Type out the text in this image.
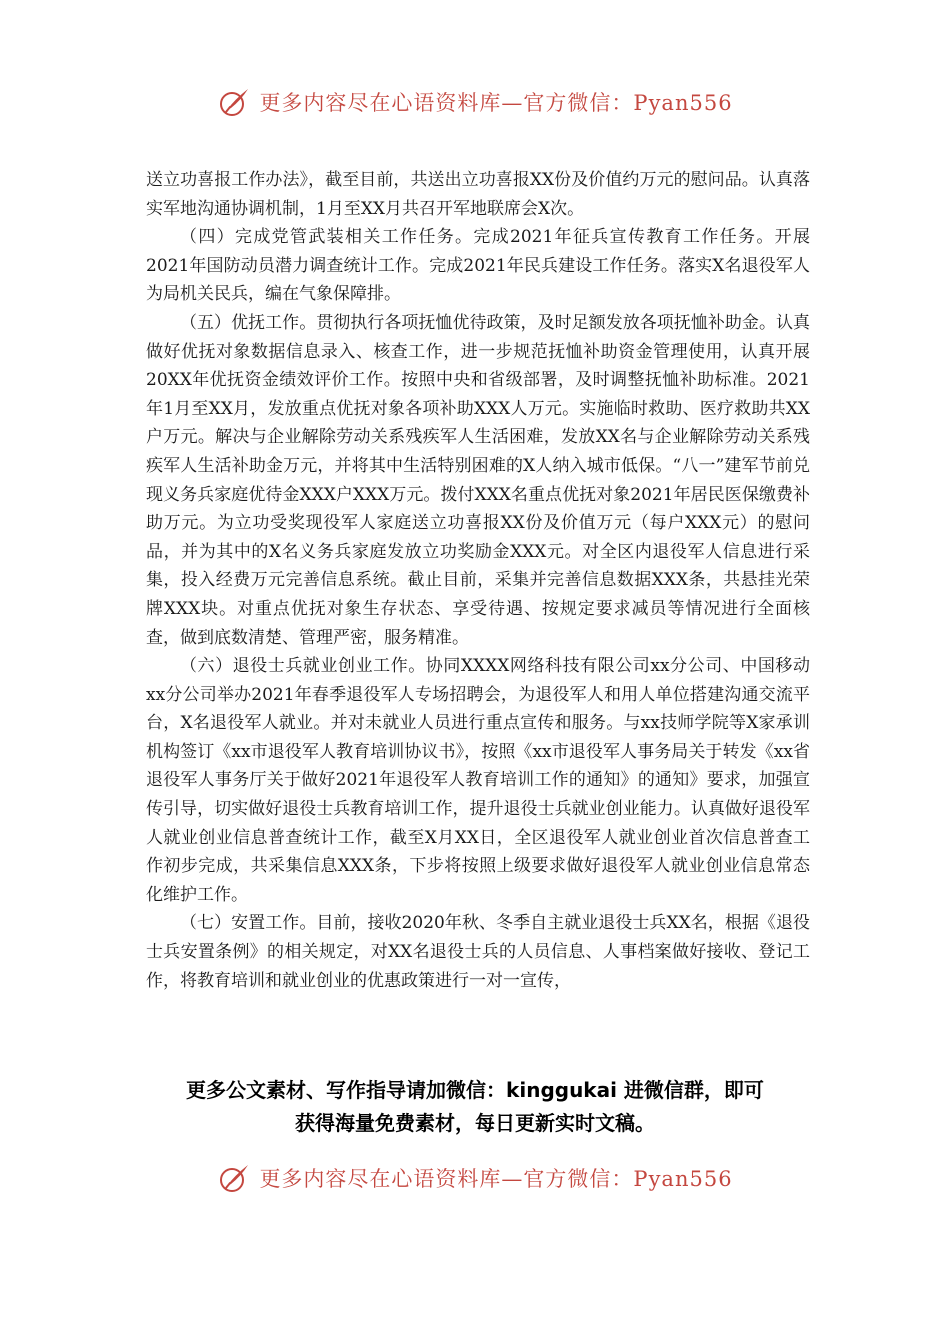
更多内容尽在心语资料库—官方微信：Pyan556

送立功喜报工作办法》，截至目前，共送出立功喜报XX份及价值约万元的慰问品。认真落实军地沟通协调机制，1月至XX月共召开军地联席会X次。

（四）完成党管武装相关工作任务。完成2021年征兵宣传教育工作任务。开展2021年国防动员潜力调查统计工作。完成2021年民兵建设工作任务。落实X名退役军人为局机关民兵，编在气象保障排。

（五）优抚工作。贯彻执行各项抚恤优待政策，及时足额发放各项抚恤补助金。认真做好优抚对象数据信息录入、核查工作，进一步规范抚恤补助资金管理使用，认真开展20XX年优抚资金绩效评价工作。按照中央和省级部署，及时调整抚恤补助标准。2021年1月至XX月，发放重点优抚对象各项补助XXX人万元。实施临时救助、医疗救助共XX户万元。解决与企业解除劳动关系残疾军人生活困难，发放XX名与企业解除劳动关系残疾军人生活补助金万元，并将其中生活特别困难的X人纳入城市低保。“八一”建军节前兑现义务兵家庭优待金XXX户XXX万元。拨付XXX名重点优抚对象2021年居民医保缴费补助万元。为立功受奖现役军人家庭送立功喜报XX份及价值万元（每户XXX元）的慰问品，并为其中的X名义务兵家庭发放立功奖励金XXX元。对全区内退役军人信息进行采集，投入经费万元完善信息系统。截止目前，采集并完善信息数据XXX条，共悬挂光荣牌XXX块。对重点优抚对象生存状态、享受待遇、按规定要求减员等情况进行全面核查，做到底数清楚、管理严密，服务精准。

（六）退役士兵就业创业工作。协同XXXX网络科技有限公司xx分公司、中国移动xx分公司举办2021年春季退役军人专场招聘会，为退役军人和用人单位搭建沟通交流平台，X名退役军人就业。并对未就业人员进行重点宣传和服务。与xx技师学院等X家承训机构签订《xx市退役军人教育培训协议书》，按照《xx市退役军人事务局关于转发《xx省退役军人事务厅关于做好2021年退役军人教育培训工作的通知》的通知》要求，加强宣传引导，切实做好退役士兵教育培训工作，提升退役士兵就业创业能力。认真做好退役军人就业创业信息普查统计工作，截至X月XX日，全区退役军人就业创业首次信息普查工作初步完成，共采集信息XXX条，下步将按照上级要求做好退役军人就业创业信息常态化维护工作。

（七）安置工作。目前，接收2020年秋、冬季自主就业退役士兵XX名，根据《退役士兵安置条例》的相关规定，对XX名退役士兵的人员信息、人事档案做好接收、登记工作，将教育培训和就业创业的优惠政策进行一对一宣传，

更多公文素材、写作指导请加微信：kinggukai 进微信群，即可
获得海量免费素材，每日更新实时文稿。
更多内容尽在心语资料库—官方微信：Pyan556
